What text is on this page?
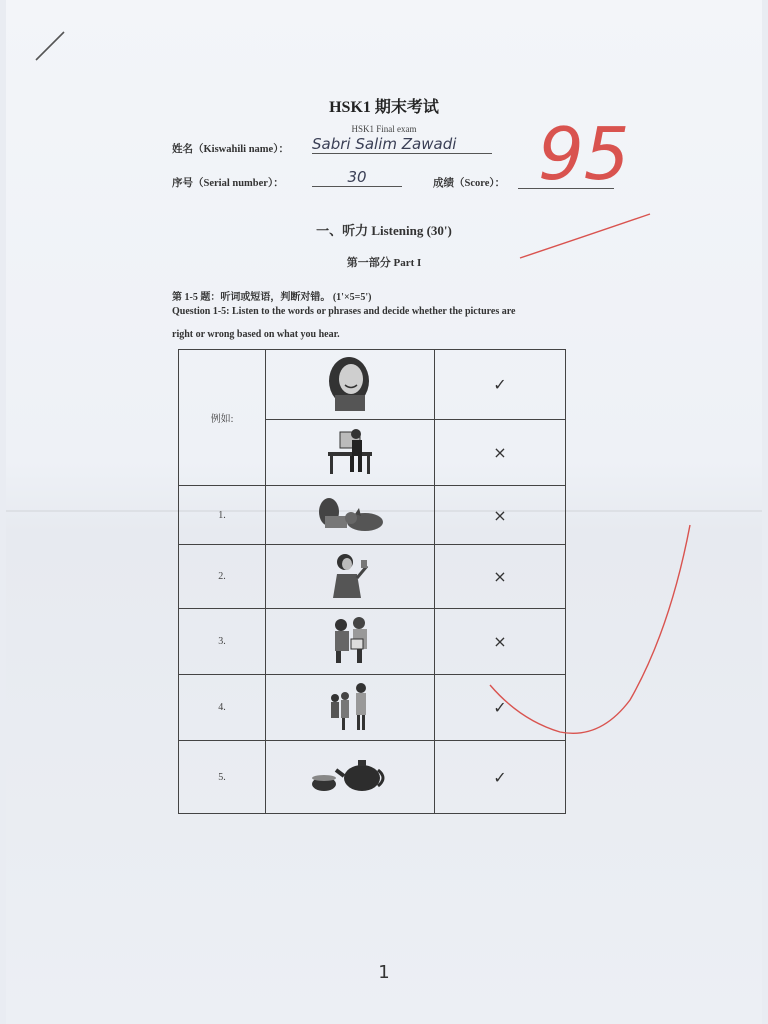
HSK1 期末考试
HSK1 Final exam
姓名（Kiswahili name）： Sabri Salim Zawadi
序号（Serial number）：	30	成绩（Score）： 95
一、听力 Listening (30')
第一部分 Part I
第 1-5 题：听词或短语，判断对错。 (1'×5=5')
Question 1-5: Listen to the words or phrases and decide whether the pictures are
right or wrong based on what you hear.
例如:		✓
	×
1.		×
2.		×
3.		×
4.		✓
5.		✓
1
